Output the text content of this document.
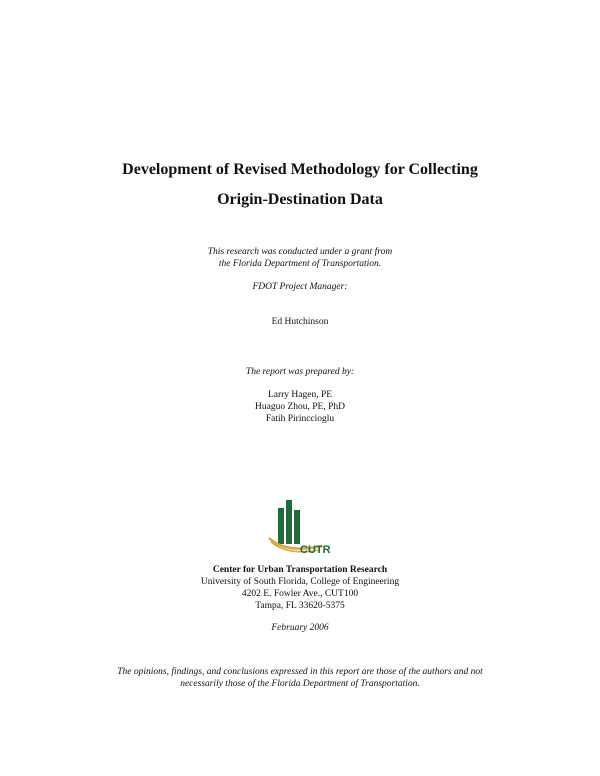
Development of Revised Methodology for Collecting
Origin-Destination Data
This research was conducted under a grant from
the Florida Department of Transportation.
FDOT Project Manager:
Ed Hutchinson
The report was prepared by:
Larry Hagen, PE
Huaguo Zhou, PE, PhD
Fatih Pirinccioglu
CUTR
Center for Urban Transportation Research
University of South Florida, College of Engineering
4202 E. Fowler Ave., CUT100
Tampa, FL 33620-5375
February 2006
The opinions, findings, and conclusions expressed in this report are those of the authors and not
necessarily those of the Florida Department of Transportation.
